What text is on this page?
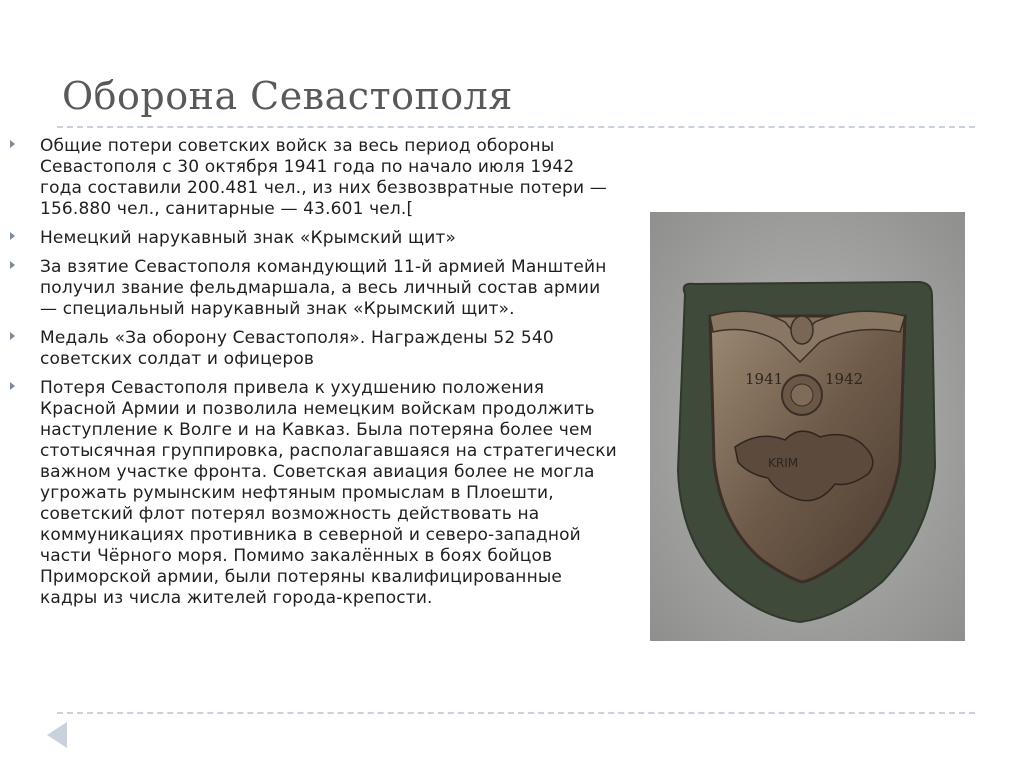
Оборона Севастополя
Общие потери советских войск за весь период обороны Севастополя с 30 октября 1941 года по начало июля 1942 года составили 200.481 чел., из них безвозвратные потери — 156.880 чел., санитарные — 43.601 чел.[
Немецкий нарукавный знак «Крымский щит»
За взятие Севастополя командующий 11-й армией Манштейн получил звание фельдмаршала, а весь личный состав армии — специальный нарукавный знак «Крымский щит».
Медаль «За оборону Севастополя». Награждены 52 540 советских солдат и офицеров
Потеря Севастополя привела к ухудшению положения Красной Армии и позволила немецким войскам продолжить наступление к Волге и на Кавказ. Была потеряна более чем стотысячная группировка, располагавшаяся на стратегически важном участке фронта. Советская авиация более не могла угрожать румынским нефтяным промыслам в Плоешти, советский флот потерял возможность действовать на коммуникациях противника в северной и северо-западной части Чёрного моря. Помимо закалённых в боях бойцов Приморской армии, были потеряны квалифицированные кадры из числа жителей города-крепости.
1941	1942
KRIM
